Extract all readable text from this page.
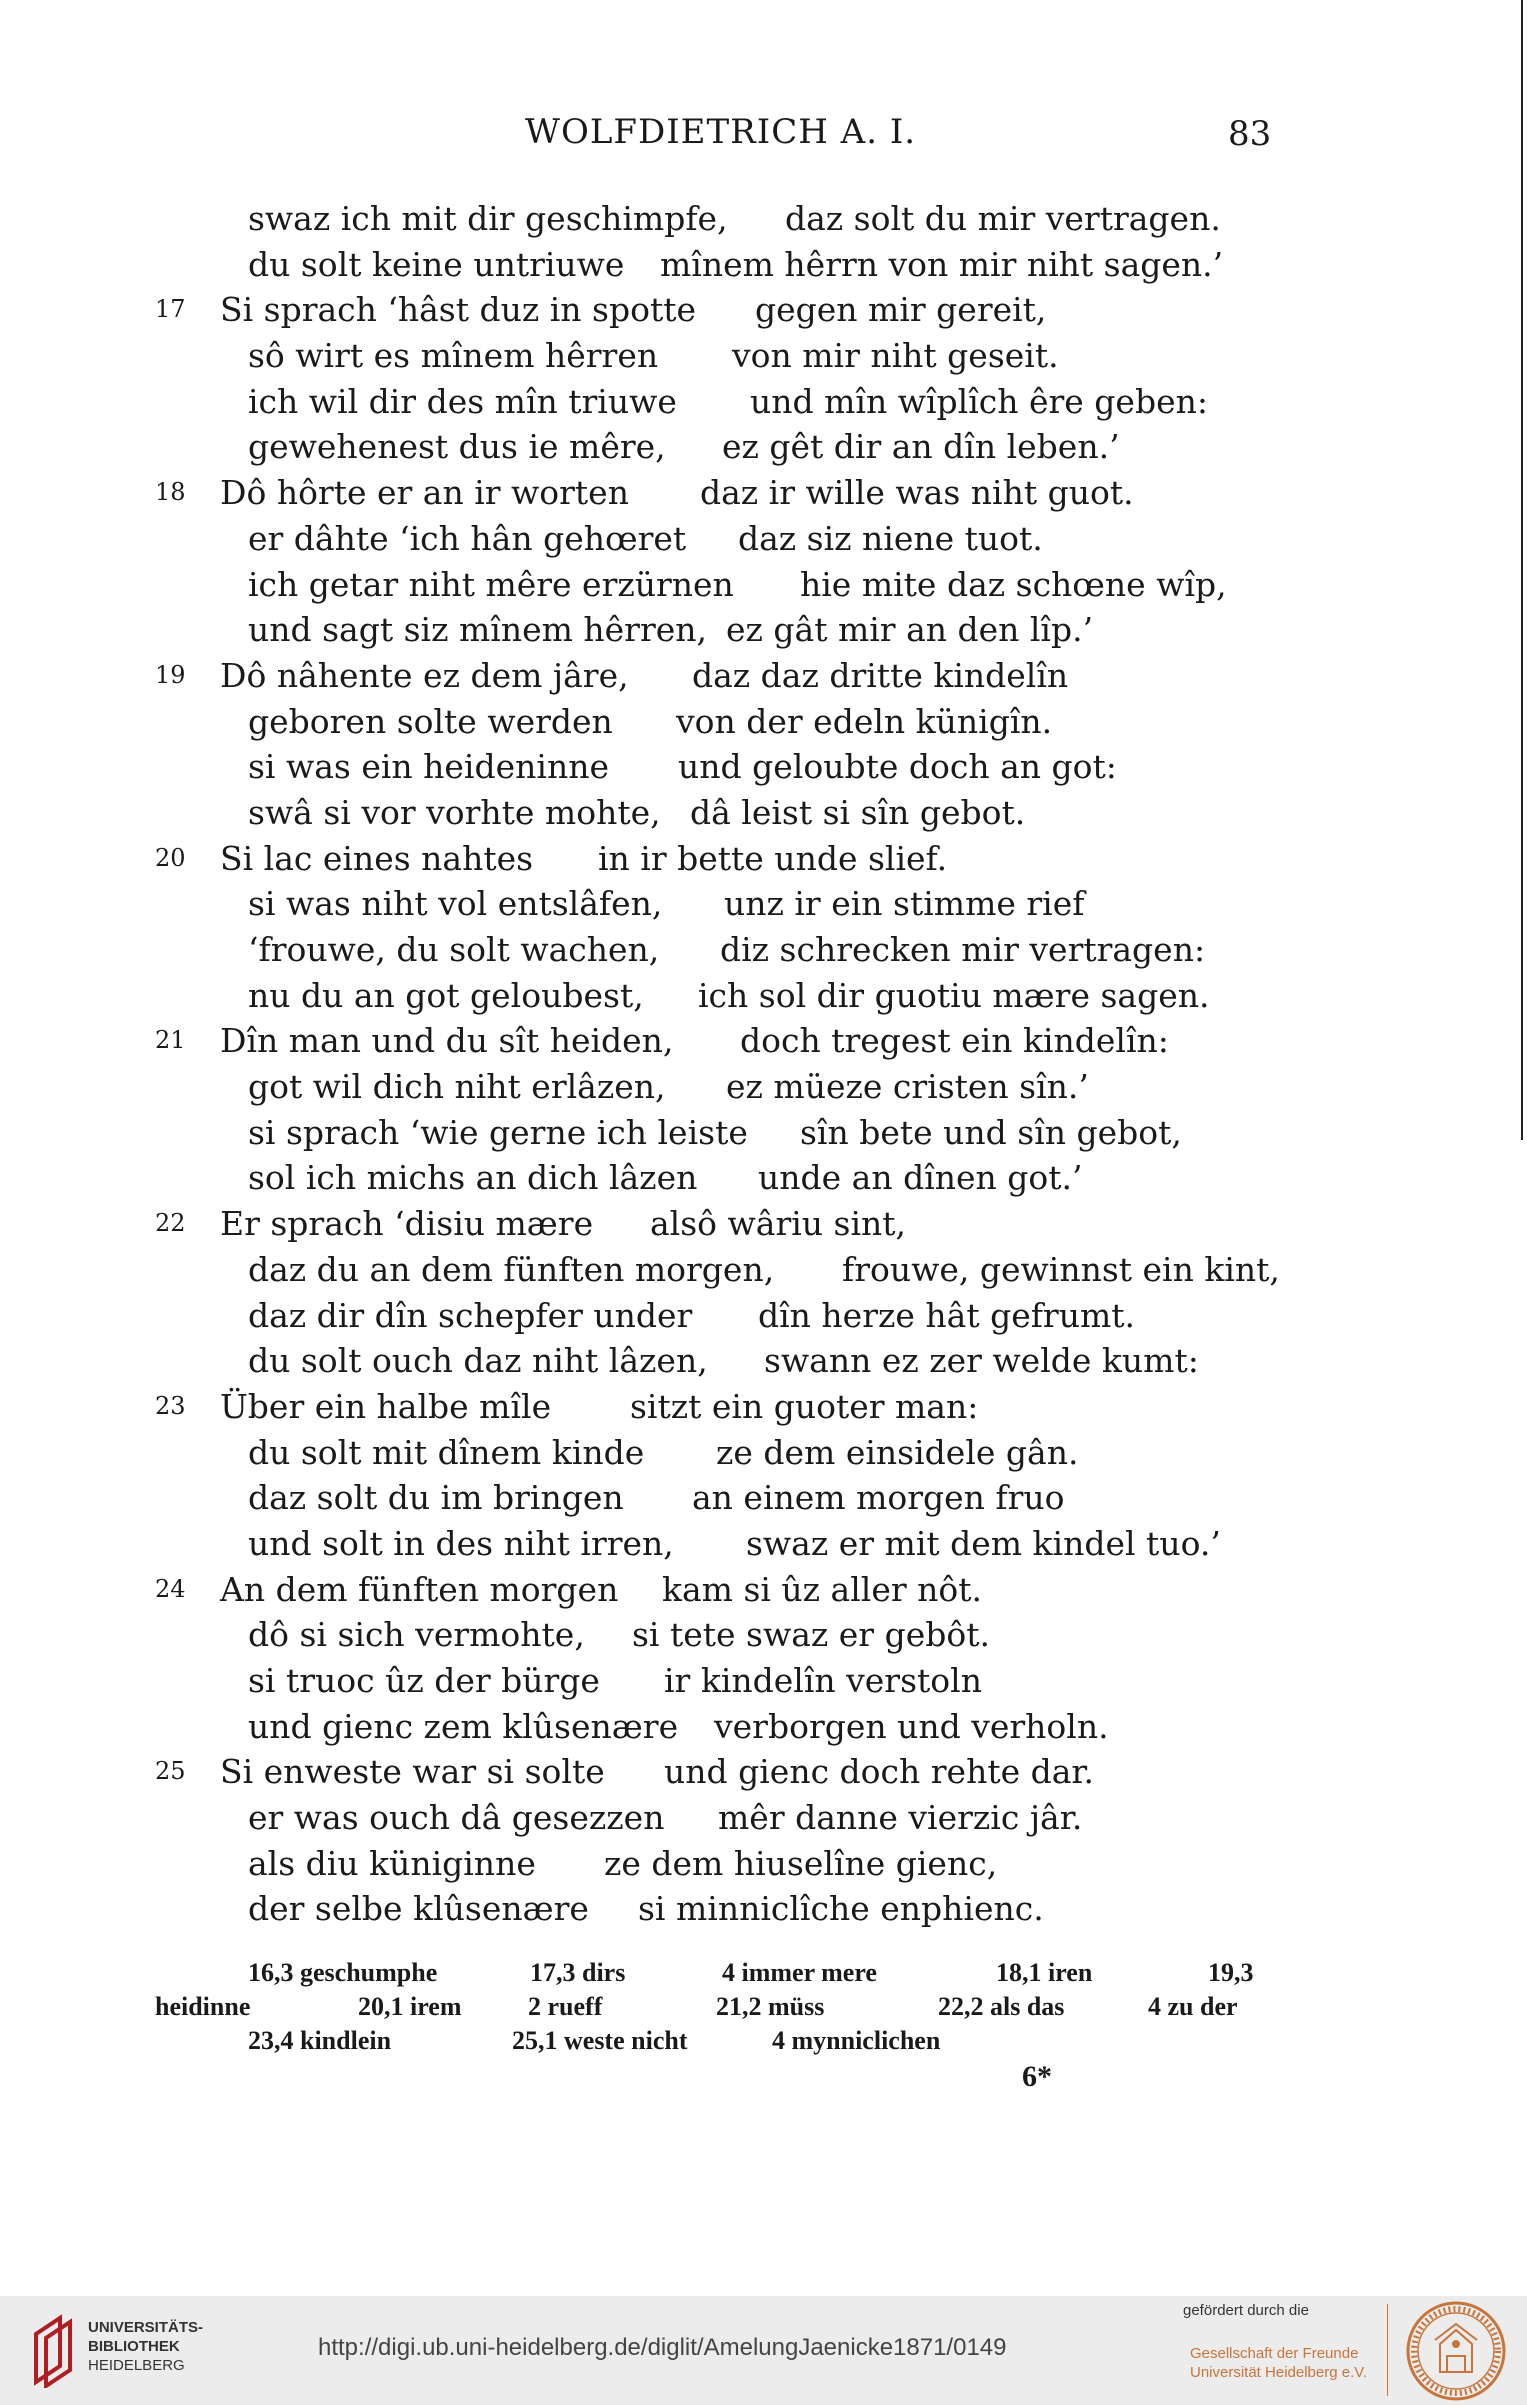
WOLFDIETRICH A. I.	83
swaz ich mit dir geschimpfe, daz solt du mir vertragen.
du solt keine untriuwe mînem hêrrn von mir niht sagen.’
17 Si sprach ‘hâst duz in spotte gegen mir gereit,
sô wirt es mînem hêrren von mir niht geseit.
ich wil dir des mîn triuwe und mîn wîplîch êre geben:
gewehenest dus ie mêre, ez gêt dir an dîn leben.’
18 Dô hôrte er an ir worten daz ir wille was niht guot.
er dâhte ‘ich hân gehœret daz siz niene tuot.
ich getar niht mêre erzürnen hie mite daz schœne wîp,
und sagt siz mînem hêrren, ez gât mir an den lîp.’
19 Dô nâhente ez dem jâre, daz daz dritte kindelîn
geboren solte werden von der edeln künigîn.
si was ein heideninne und geloubte doch an got:
swâ si vor vorhte mohte, dâ leist si sîn gebot.
20 Si lac eines nahtes in ir bette unde slief.
si was niht vol entslâfen, unz ir ein stimme rief
‘frouwe, du solt wachen, diz schrecken mir vertragen:
nu du an got geloubest, ich sol dir guotiu mære sagen.
21 Dîn man und du sît heiden, doch tregest ein kindelîn:
got wil dich niht erlâzen, ez müeze cristen sîn.’
si sprach ‘wie gerne ich leiste sîn bete und sîn gebot,
sol ich michs an dich lâzen unde an dînen got.’
22 Er sprach ‘disiu mære alsô wâriu sint,
daz du an dem fünften morgen, frouwe, gewinnst ein kint,
daz dir dîn schepfer under dîn herze hât gefrumt.
du solt ouch daz niht lâzen, swann ez zer welde kumt:
23 Über ein halbe mîle sitzt ein guoter man:
du solt mit dînem kinde ze dem einsidele gân.
daz solt du im bringen an einem morgen fruo
und solt in des niht irren, swaz er mit dem kindel tuo.’
24 An dem fünften morgen kam si ûz aller nôt.
dô si sich vermohte, si tete swaz er gebôt.
si truoc ûz der bürge ir kindelîn verstoln
und gienc zem klûsenære verborgen und verholn.
25 Si enweste war si solte und gienc doch rehte dar.
er was ouch dâ gesezzen mêr danne vierzic jâr.
als diu küniginne ze dem hiuselîne gienc,
der selbe klûsenære si minniclîche enphienc.
16,3 geschumphe	17,3 dirs	4 immer mere	18,1 iren	19,3
heidinne	20,1 irem	2 rueff	21,2 müss	22,2 als das	4 zu der
23,4 kindlein	25,1 weste nicht	4 mynniclichen
6*
UNIVERSITÄTS-
BIBLIOTHEK
HEIDELBERG
http://digi.ub.uni-heidelberg.de/diglit/AmelungJaenicke1871/0149
gefördert durch die
Gesellschaft der Freunde
Universität Heidelberg e.V.
